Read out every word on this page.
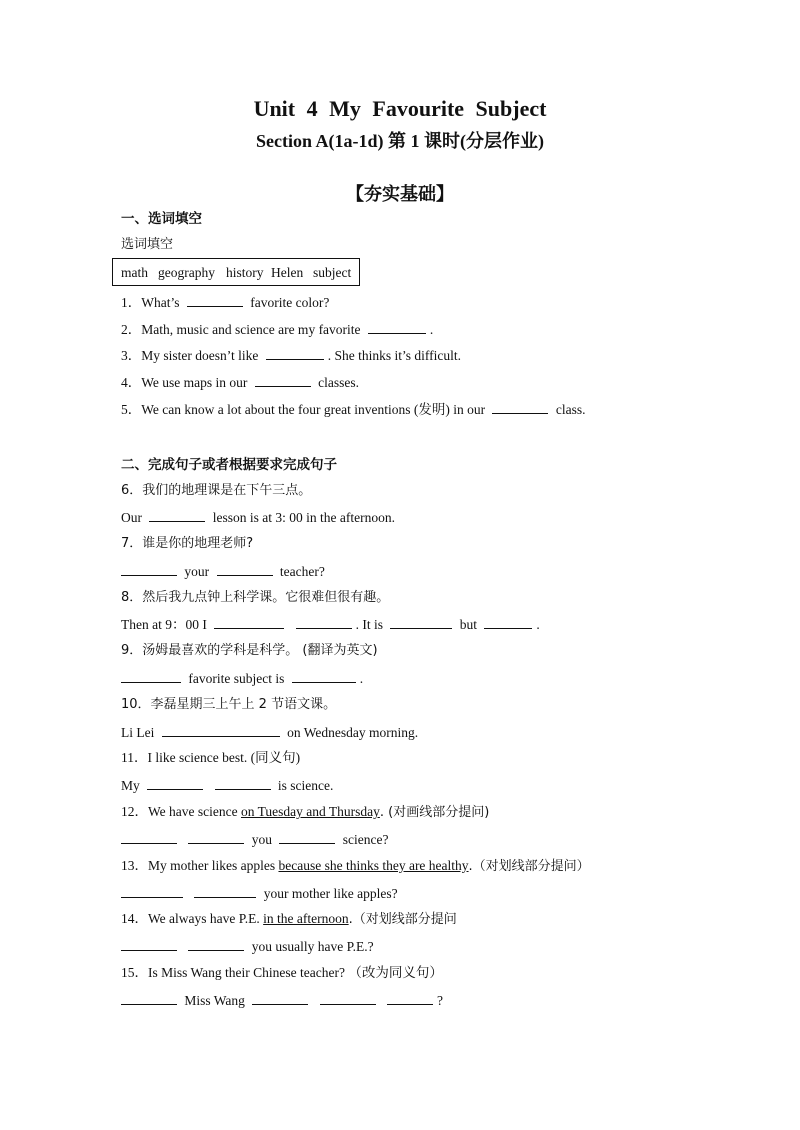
Unit 4 My Favourite Subject
Section A(1a-1d) 第 1 课时(分层作业)
【夯实基础】
一、选词填空
选词填空
math geography history Helen subject
1．What’s	favorite color?
2．Math, music and science are my favorite	.
3．My sister doesn’t like	. She thinks it’s difficult.
4．We use maps in our	classes.
5．We can know a lot about the four great inventions (发明) in our	class.
二、完成句子或者根据要求完成句子
6．我们的地理课是在下午三点。
Our	lesson is at 3: 00 in the afternoon.
7．谁是你的地理老师?
your	teacher?
8．然后我九点钟上科学课。它很难但很有趣。
Then at 9：00 I	. It is	but	.
9．汤姆最喜欢的学科是科学。 (翻译为英文)
favorite subject is	.
10．李磊星期三上午上 2 节语文课。
Li Lei	on Wednesday morning.
11．I like science best. (同义句)
My	is science.
12．We have science on Tuesday and Thursday. (对画线部分提问)
you	science?
13．My mother likes apples because she thinks they are healthy.（对划线部分提问）
your mother like apples?
14．We always have P.E. in the afternoon.（对划线部分提问
you usually have P.E.?
15．Is Miss Wang their Chinese teacher? （改为同义句）
Miss Wang	?
